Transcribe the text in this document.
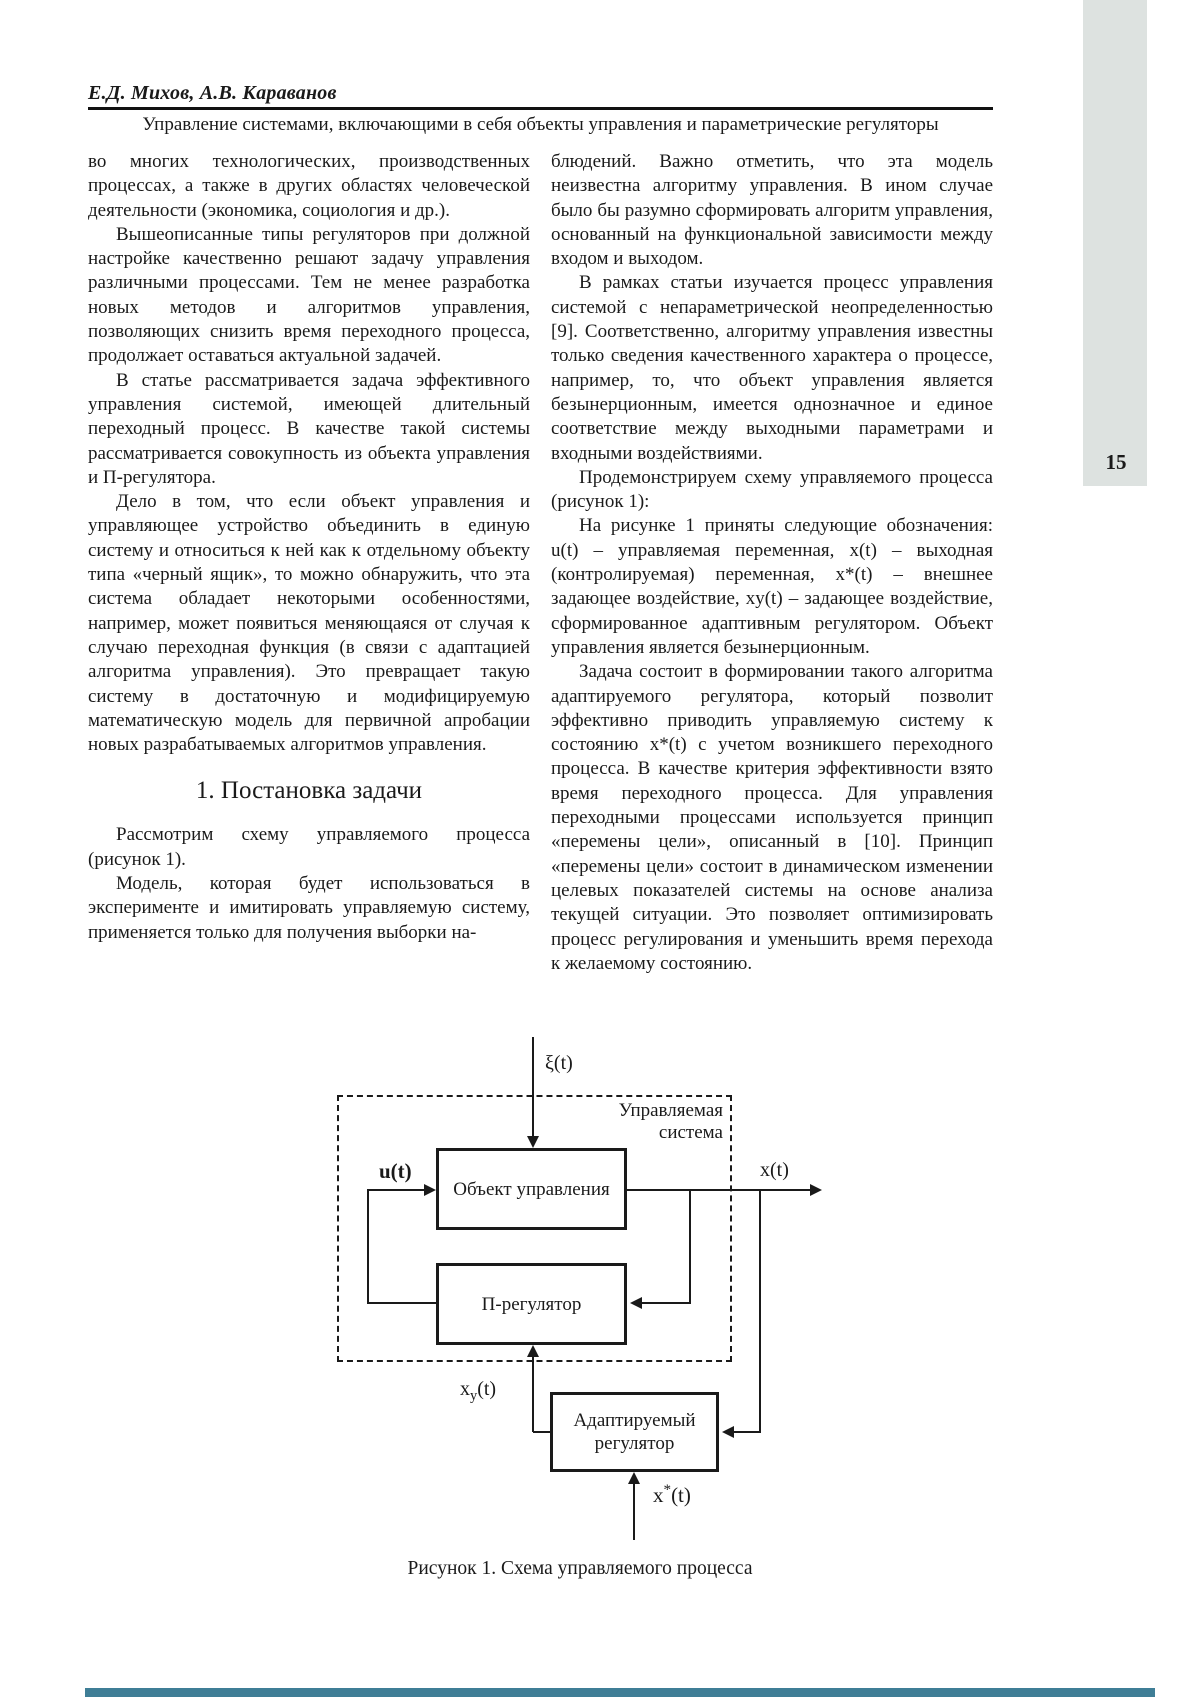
15
Е.Д. Михов, А.В. Караванов
Управление системами, включающими в себя объекты управления и параметрические регуляторы

во многих технологических, производственных процессах, а также в других областях человеческой деятельности (экономика, социология и др.).

Вышеописанные типы регуляторов при должной настройке качественно решают задачу управления различными процессами. Тем не менее разработка новых методов и алгоритмов управления, позволяющих снизить время переходного процесса, продолжает оставаться актуальной задачей.

В статье рассматривается задача эффективного управления системой, имеющей длительный переходный процесс. В качестве такой системы рассматривается совокупность из объекта управления и П-регулятора.

Дело в том, что если объект управления и управляющее устройство объединить в единую систему и относиться к ней как к отдельному объекту типа «черный ящик», то можно обнаружить, что эта система обладает некоторыми особенностями, например, может появиться меняющаяся от случая к случаю переходная функция (в связи с адаптацией алгоритма управления). Это превращает такую систему в достаточную и модифицируемую математическую модель для первичной апробации новых разрабатываемых алгоритмов управления.

1. Постановка задачи

Рассмотрим схему управляемого процесса (рисунок 1).

Модель, которая будет использоваться в эксперименте и имитировать управляемую систему, применяется только для получения выборки на-

блюдений. Важно отметить, что эта модель неизвестна алгоритму управления. В ином случае было бы разумно сформировать алгоритм управления, основанный на функциональной зависимости между входом и выходом.

В рамках статьи изучается процесс управления системой с непараметрической неопределенностью [9]. Соответственно, алгоритму управления известны только сведения качественного характера о процессе, например, то, что объект управления является безынерционным, имеется однозначное и единое соответствие между выходными параметрами и входными воздействиями.

Продемонстрируем схему управляемого процесса (рисунок 1):

На рисунке 1 приняты следующие обозначения: u(t) – управляемая переменная, x(t) – выходная (контролируемая) переменная, x*(t) – внешнее задающее воздействие, xy(t) – задающее воздействие, сформированное адаптивным регулятором. Объект управления является безынерционным.

Задача состоит в формировании такого алгоритма адаптируемого регулятора, который позволит эффективно приводить управляемую систему к состоянию x*(t) с учетом возникшего переходного процесса. В качестве критерия эффективности взято время переходного процесса. Для управления переходными процессами используется принцип «перемены цели», описанный в [10]. Принцип «перемены цели» состоит в динамическом изменении целевых показателей системы на основе анализа текущей ситуации. Это позволяет оптимизировать процесс регулирования и уменьшить время перехода к желаемому состоянию.

ξ(t)
Управляемая система
u(t)
Объект управления
x(t)
П-регулятор
Адаптируемый регулятор
$x_y(t)$
x*(t)
Рисунок 1. Схема управляемого процесса
